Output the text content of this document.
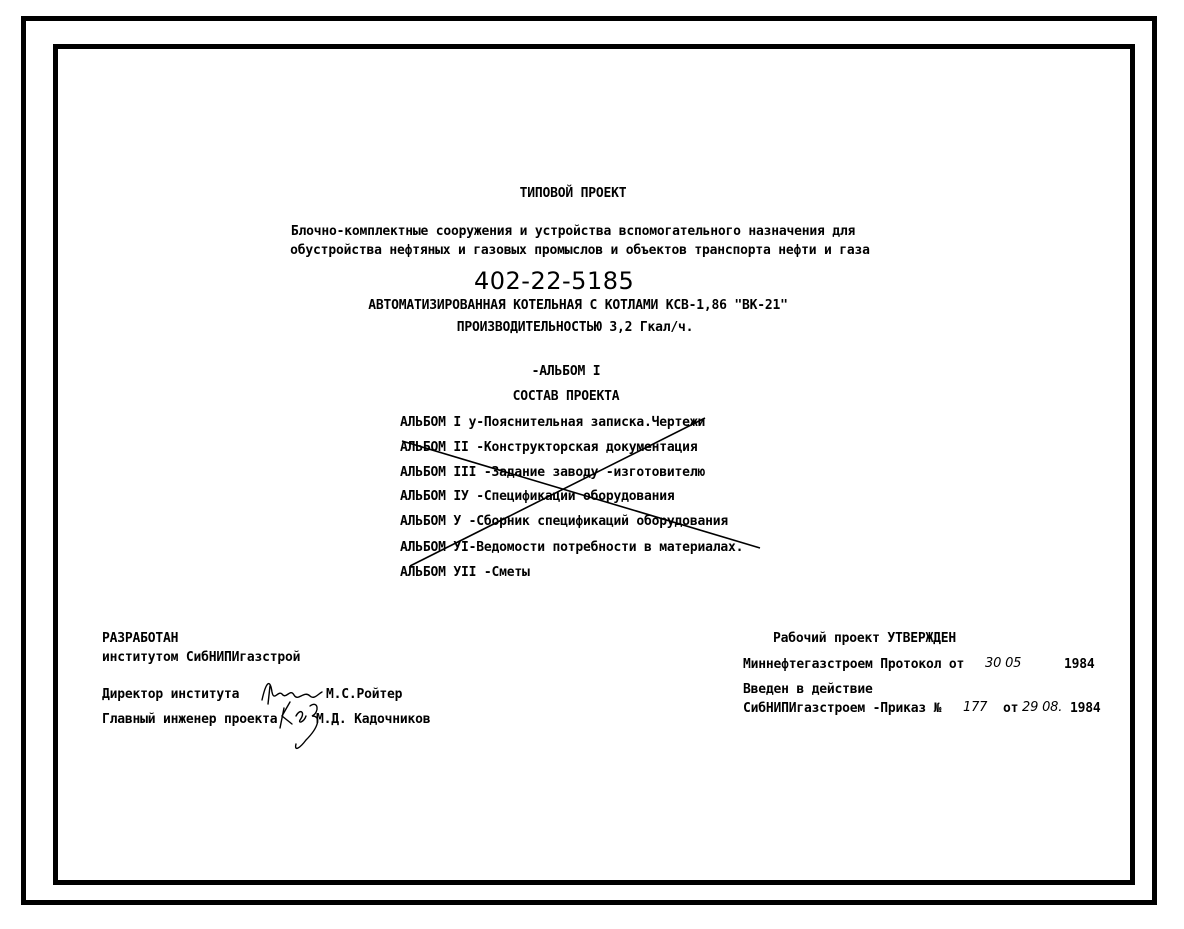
ТИПОВОЙ ПРОЕКТ
Блочно-комплектные сооружения и устройства вспомогательного назначения для
обустройства нефтяных и газовых промыслов и объектов транспорта нефти и газа
402-22-5185
АВТОМАТИЗИРОВАННАЯ КОТЕЛЬНАЯ С КОТЛАМИ КСВ-1,86 "ВК-21"
ПРОИЗВОДИТЕЛЬНОСТЬЮ 3,2 Гкал/ч.
-АЛЬБОМ I
СОСТАВ ПРОЕКТА
АЛЬБОМ I у-Пояснительная записка.Чертежи
АЛЬБОМ II -Конструкторская документация
АЛЬБОМ III -Задание заводу -изготовителю
АЛЬБОМ IУ -Спецификации оборудования
АЛЬБОМ У -Сборник спецификаций оборудования
АЛЬБОМ УI-Ведомости потребности в материалах.
АЛЬБОМ УII -Сметы
РАЗРАБОТАН
институтом СибНИПИгазстрой
Директор института	М.С.Ройтер
Главный инженер проекта	М.Д. Кадочников
Рабочий проект УТВЕРЖДЕН
Миннефтегазстроем Протокол от 30 05	1984
Введен в действие
СибНИПИгазстроем -Приказ № 177 от 29 08. 1984
